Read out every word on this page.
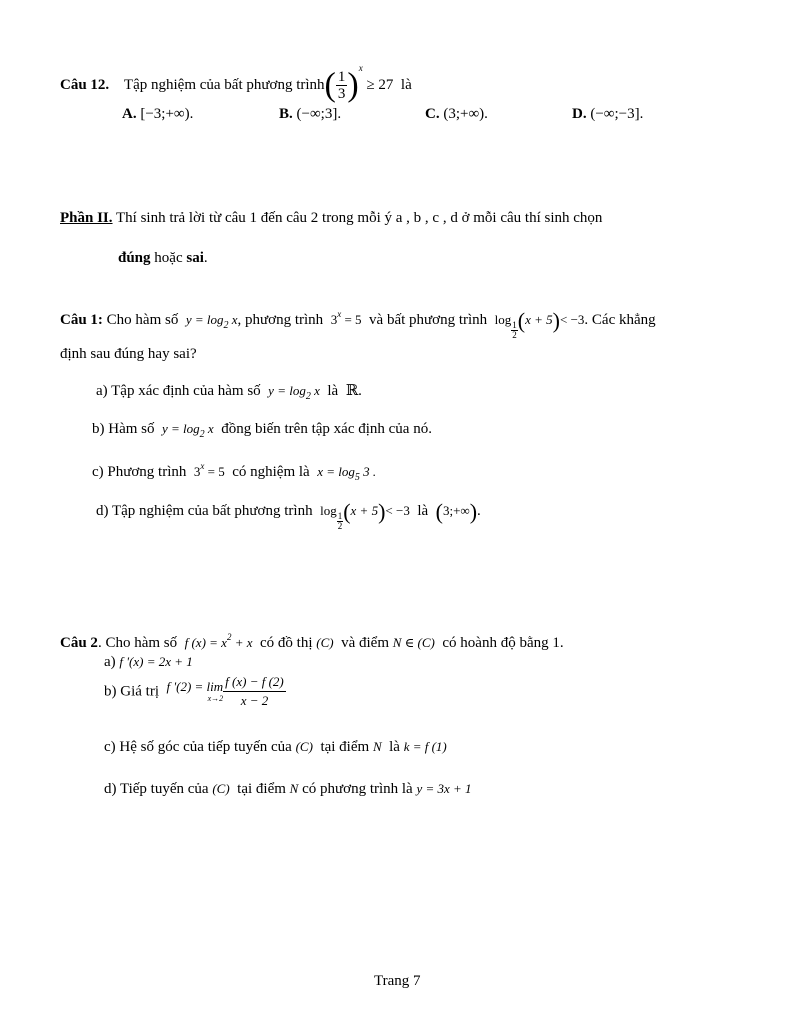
Câu 12. Tập nghiệm của bất phương trình( $\frac{1}{3} )^x \ge 27$ là
A. [−3;+∞).	B. (−∞;3].	C. (3;+∞).	D. (−∞;−3].
Phần II. Thí sinh trả lời từ câu 1 đến câu 2 trong mỗi ý a , b , c , d ở mỗi câu thí sinh chọn
đúng hoặc sai.
Câu 1: Cho hàm số $y = \log_2 x$, phương trình $3^x = 5$ và bất phương trình log
$\frac{1}{2} (x + 5)< -3$. Các khẳng
định sau đúng hay sai?
a) Tập xác định của hàm số $y = \log_2 x$ là ℝ.
b) Hàm số $y = \log_2 x$ đồng biến trên tập xác định của nó.
c) Phương trình $3^x = 5$ có nghiệm là $x = \log_5 3$ .
d) Tập nghiệm của bất phương trình log
$\frac{1}{2} (x + 5)< -3$ là (3;+∞).
Câu 2. Cho hàm số f $(x) = x^2 + x$ có đồ thị (C) và điểm N ∈ (C) có hoành độ bằng 1.
a) f '(x) = 2x + 1
b) Giá trị f '(2) = lim
$x\to 2 \frac{f (x) - f (2)}{x - 2}$
c) Hệ số góc của tiếp tuyến của (C) tại điểm N là k = f (1)
d) Tiếp tuyến của (C) tại điểm N có phương trình là y = 3x + 1
Trang 7
